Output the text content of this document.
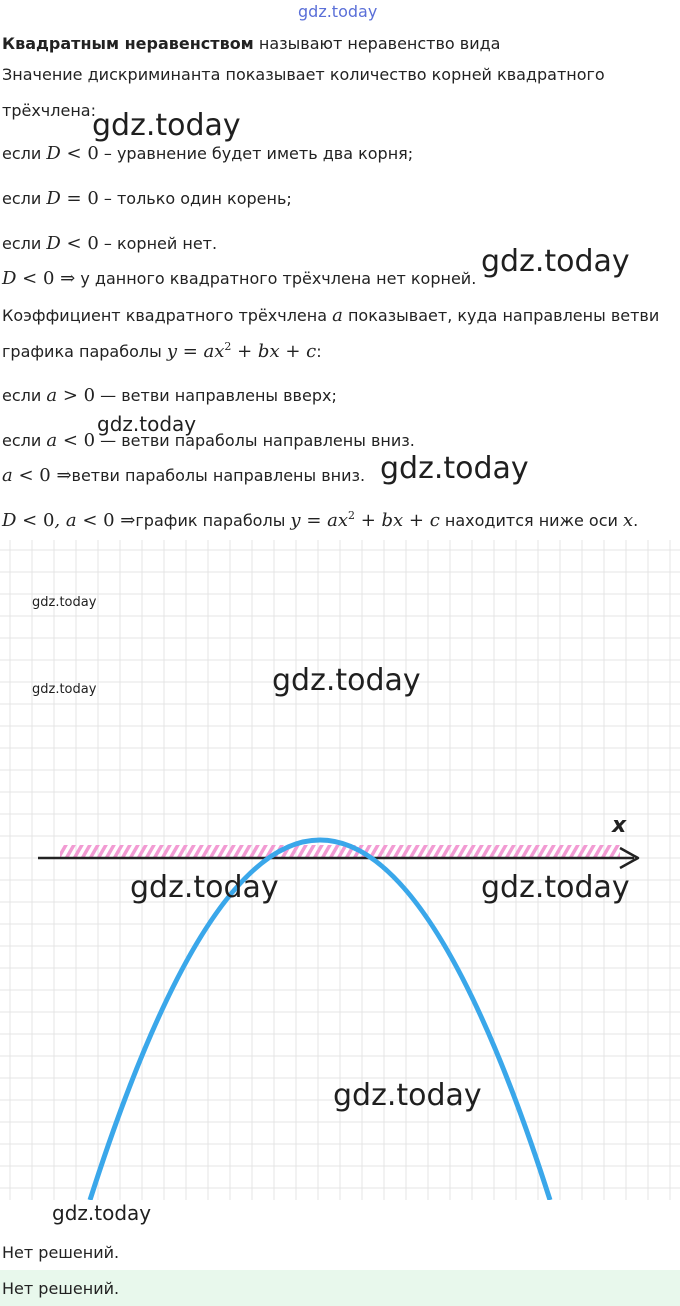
gdz.today
Квадратным неравенством называют неравенство вида
Значение дискриминанта показывает количество корней квадратного
трёхчлена:
gdz.today
если D < 0 – уравнение будет иметь два корня;
если D = 0 – только один корень;
если D < 0 – корней нет.
D < 0 ⇒ у данного квадратного трёхчлена нет корней. gdz.today
Коэффициент квадратного трёхчлена a показывает, куда направлены ветви
графика параболы $y = ax^2$ + bx + c:
если a > 0 — ветви направлены вверх;
gdz.today
если a < 0 — ветви параболы направлены вниз.
a < 0 ⇒ветви параболы направлены вниз. gdz.today
D < 0, a < 0 ⇒график параболы $y = ax^2$ + bx + c находится ниже оси x.
x
gdz.today
gdz.today	gdz.today
gdz.today	gdz.today
gdz.today
gdz.today
Нет решений.
Нет решений.
